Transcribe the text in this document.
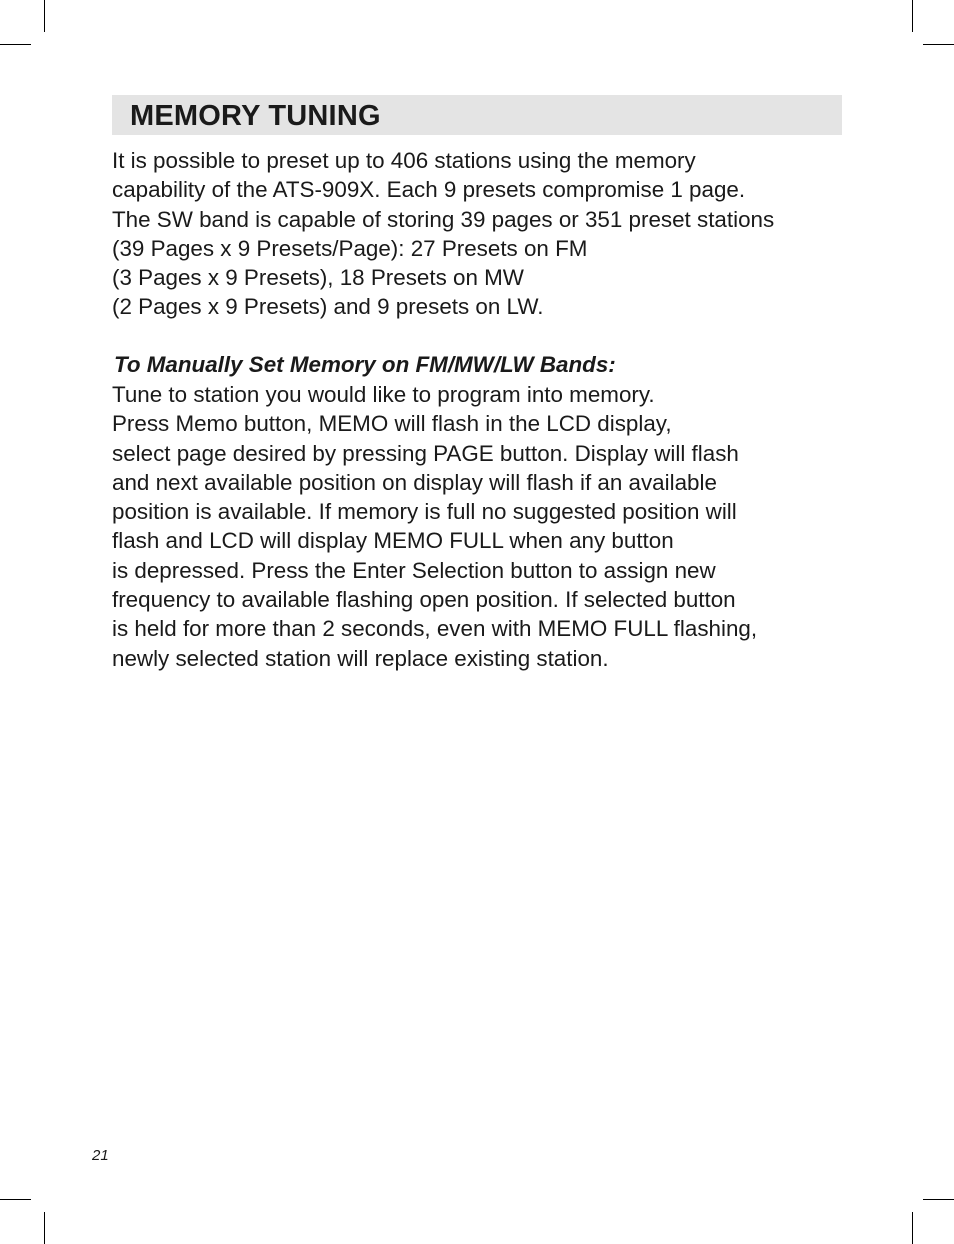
MEMORY TUNING
It is possible to preset up to 406 stations using the memory
capability of the ATS-909X. Each 9 presets compromise 1 page.
The SW band is capable of storing 39 pages or 351 preset stations
(39 Pages x 9 Presets/Page): 27 Presets on FM
(3 Pages x 9 Presets), 18 Presets on MW
(2 Pages x 9 Presets) and 9 presets on LW.
To Manually Set Memory on FM/MW/LW Bands:
Tune to station you would like to program into memory.
Press Memo button, MEMO will flash in the LCD display,
select page desired by pressing PAGE button. Display will flash
and next available position on display will flash if an available
position is available. If memory is full no suggested position will
flash and LCD will display MEMO FULL when any button
is depressed. Press the Enter Selection button to assign new
frequency to available flashing open position. If selected button
is held for more than 2 seconds, even with MEMO FULL flashing,
newly selected station will replace existing station.
21
